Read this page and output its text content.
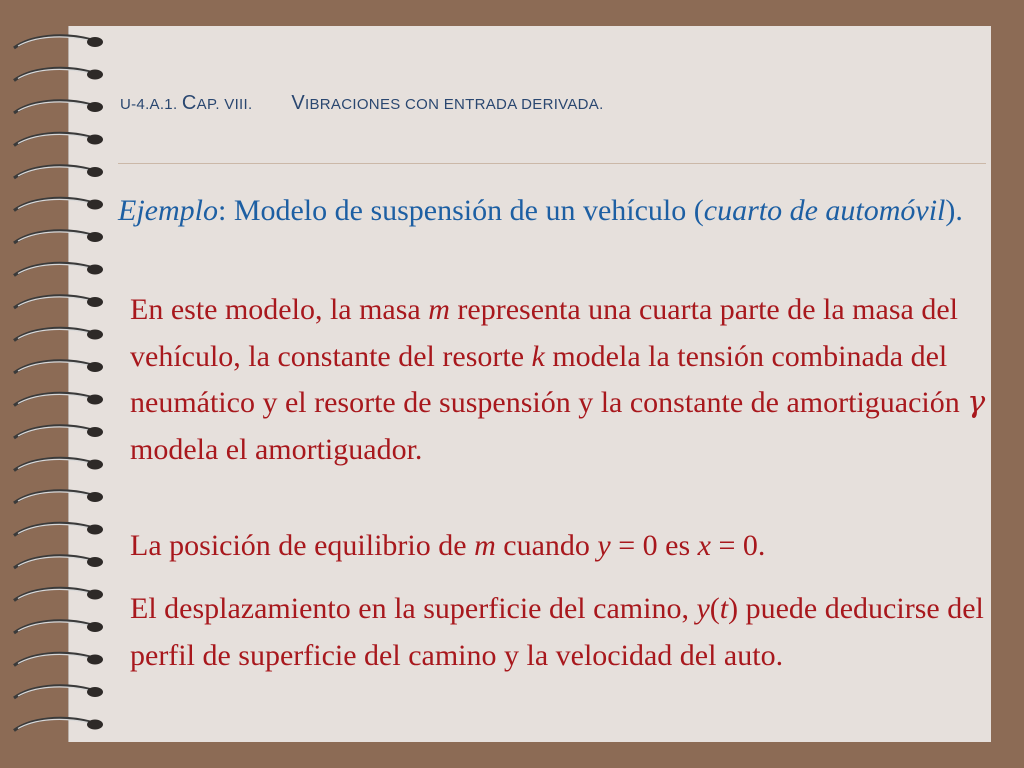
U-4.A.1. CAP. VIII. VIBRACIONES CON ENTRADA DERIVADA.
Ejemplo: Modelo de suspensión de un vehículo (cuarto de automóvil).
En este modelo, la masa m representa una cuarta parte de la masa del vehículo, la constante del resorte k modela la tensión combinada del neumático y el resorte de suspensión y la constante de amortiguación γ modela el amortiguador.
La posición de equilibrio de m cuando y = 0 es x = 0.
El desplazamiento en la superficie del camino, y(t) puede deducirse del perfil de superficie del camino y la velocidad del auto.
